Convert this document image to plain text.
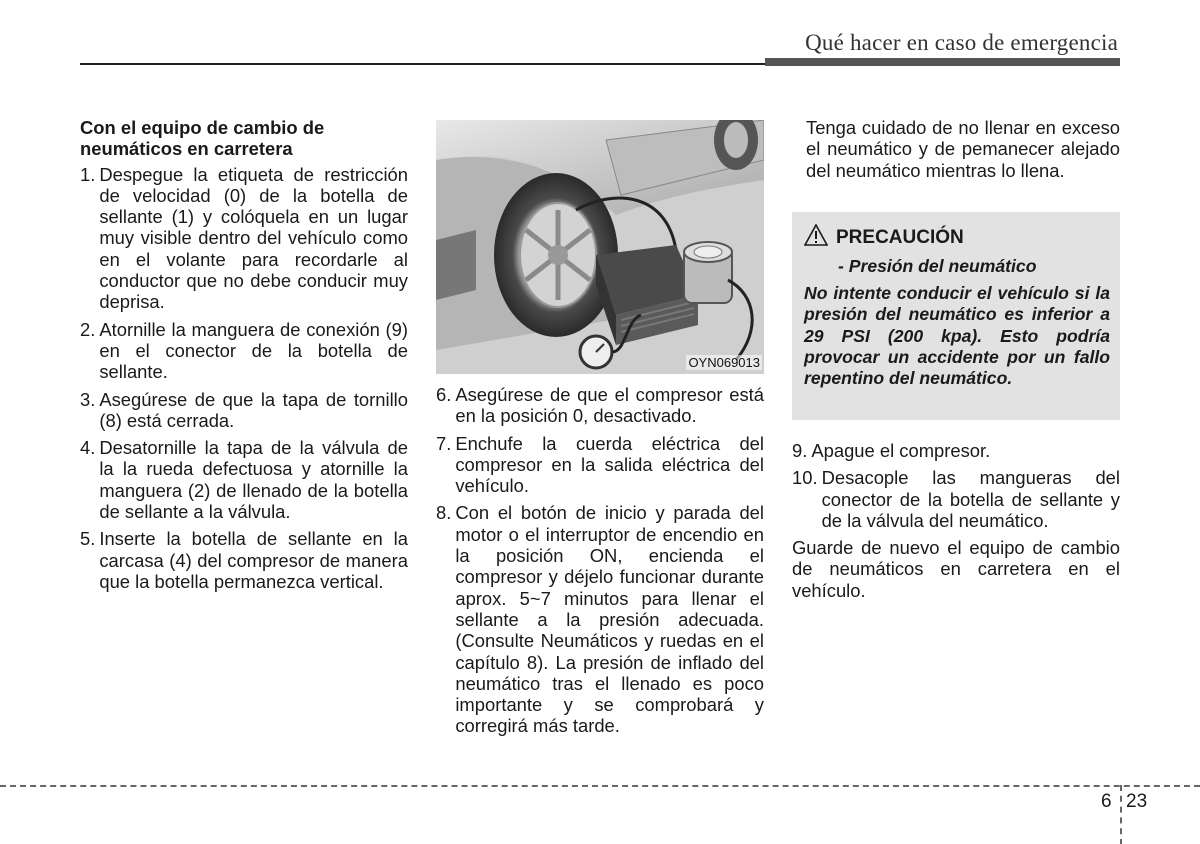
Qué hacer en caso de emergencia
Con el equipo de cambio de neumáticos en carretera
1. Despegue la etiqueta de restricción de velocidad (0) de la botella de sellante (1) y colóquela en un lugar muy visible dentro del vehículo como en el volante para recordarle al conductor que no debe conducir muy deprisa.
2. Atornille la manguera de conexión (9) en el conector de la botella de sellante.
3. Asegúrese de que la tapa de tornillo (8) está cerrada.
4. Desatornille la tapa de la válvula de la la rueda defectuosa y atornille la manguera (2) de llenado de la botella de sellante a la válvula.
5. Inserte la botella de sellante en la carcasa (4) del compresor de manera que la botella permanezca vertical.
OYN069013
6. Asegúrese de que el compresor está en la posición 0, desactivado.
7. Enchufe la cuerda eléctrica del compresor en la salida eléctrica del vehículo.
8. Con el botón de inicio y parada del motor o el interruptor de encendio en la posición ON, encienda el compresor y déjelo funcionar durante aprox. 5~7 minutos para llenar el sellante a la presión adecuada. (Consulte Neumáticos y ruedas en el capítulo 8). La presión de inflado del neumático tras el llenado es poco importante y se comprobará y corregirá más tarde.

Tenga cuidado de no llenar en exceso el neumático y de pemanecer alejado del neumático mientras lo llena.

PRECAUCIÓN
- Presión del neumático
No intente conducir el vehículo si la presión del neumático es inferior a 29 PSI (200 kpa). Esto podría provocar un accidente por un fallo repentino del neumático.
9. Apague el compresor.
10. Desacople las mangueras del conector de la botella de sellante y de la válvula del neumático.

Guarde de nuevo el equipo de cambio de neumáticos en carretera en el vehículo.

6 23
